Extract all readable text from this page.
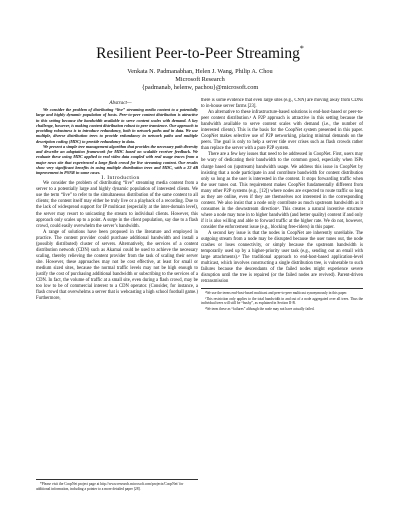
Resilient Peer-to-Peer Streaming*
Venkata N. Padmanabhan, Helen J. Wang, Philip A. Chou
Microsoft Research
{padmanab, helenw, pachou}@microsoft.com

Abstract—

We consider the problem of distributing “live” streaming media content to a potentially large and highly dynamic population of hosts. Peer-to-peer content distribution is attractive in this setting because the bandwidth available to serve content scales with demand. A key challenge, however, is making content distribution robust to peer transience. Our approach to providing robustness is to introduce redundancy, both in network paths and in data. We use multiple, diverse distribution trees to provide redundancy in network paths and multiple description coding (MDC) to provide redundancy in data.

We present a simple tree management algorithm that provides the necessary path diversity and describe an adaptation framework for MDC based on scalable receiver feedback. We evaluate these using MDC applied to real video data coupled with real usage traces from a major news site that experienced a large flash crowd for live streaming content. Our results show very significant benefits in using multiple distribution trees and MDC, with a 22 dB improvement in PSNR in some cases.

I. Introduction

We consider the problem of distributing “live” streaming media content from a server to a potentially large and highly dynamic population of interested clients. We use the term “live” to refer to the simultaneous distribution of the same content to all clients; the content itself may either be truly live or a playback of a recording. Due to the lack of widespread support for IP multicast (especially at the inter-domain level), the server may resort to unicasting the stream to individual clients. However, this approach only scales up to a point. A surge in the client population, say due to a flash crowd, could easily overwhelm the server’s bandwidth.

A range of solutions have been proposed in the literature and employed in practice. The content provider could purchase additional bandwidth and install a (possibly distributed) cluster of servers. Alternatively, the services of a content distribution network (CDN) such as Akamai could be used to achieve the necessary scaling, thereby relieving the content provider from the task of scaling their server site. However, these approaches may not be cost effective, at least for small or medium sized sites, because the normal traffic levels may not be high enough to justify the cost of purchasing additional bandwidth or subscribing to the services of a CDN. In fact, the volume of traffic at a small site, even during a flash crowd, may be too low to be of commercial interest to a CDN operator. (Consider, for instance, a flash crowd that overwhelms a server that is webcasting a high school football game.) Furthermore,

*Please visit the CoopNet project page at http://www.research.microsoft.com/projects/CoopNet/ for additional information, including a pointer to a more detailed paper [28].

there is some evidence that even large sites (e.g., CNN) are moving away from CDNs to in-house server farms [23].

An alternative to these infrastructure-based solutions is end-host-based or peer-to-peer content distribution.¹ A P2P approach is attractive in this setting because the bandwidth available to serve content scales with demand (i.e., the number of interested clients). This is the basis for the CoopNet system presented in this paper. CoopNet makes selective use of P2P networking, placing minimal demands on the peers. The goal is only to help a server tide over crises such as flash crowds rather than replace the server with a pure P2P system.

There are a few key issues that need to be addressed in CoopNet. First, users may be wary of dedicating their bandwidth to the common good, especially when ISPs charge based on (upstream) bandwidth usage. We address this issue in CoopNet by insisting that a node participate in and contribute bandwidth for content distribution only so long as the user is interested in the content. It stops forwarding traffic when the user tunes out. This requirement makes CoopNet fundamentally different from many other P2P systems (e.g., [12]) where nodes are expected to route traffic so long as they are online, even if they are themselves not interested in the corresponding content. We also insist that a node only contribute as much upstream bandwidth as it consumes in the downstream direction². This creates a natural incentive structure where a node may tune in to higher bandwidth (and better quality) content if and only if it is also willing and able to forward traffic at the higher rate. We do not, however, consider the enforcement issue (e.g., blocking free-riders) in this paper.

A second key issue is that the nodes in CoopNet are inherently unreliable. The outgoing stream from a node may be disrupted because the user tunes out, the node crashes or loses connectivity, or simply because the upstream bandwidth is temporarily used up by a higher-priority user task (e.g., sending out an email with large attachments).³ The traditional approach to end-host-based application-level multicast, which involves constructing a single distribution tree, is vulnerable to such failures because the descendants of the failed nodes might experience severe disruption until the tree is repaired (or the failed nodes are revived). Parent-driven retransmission

¹We use the terms end-host-based multicast and peer-to-peer multicast synonymously in this paper.

²This restriction only applies to the total bandwidth in and out of a node aggregated over all trees. Thus the individual trees will still be “bushy”, as explained in Section II-B.

³We term these as “failures” although the node may not have actually failed.
